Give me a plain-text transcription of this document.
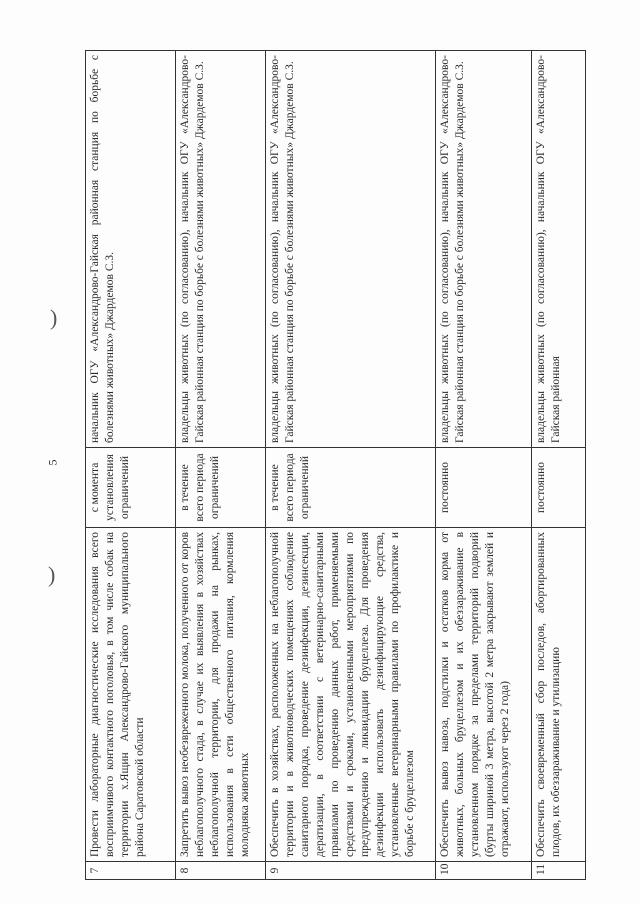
)
)
5
7	Провести лабораторные диагностические исследования всего восприимчивого контактного поголовья, в том числе собак на территории х.Ящин Александрово-Гайского муниципального района Саратовской области	с момента установления ограничений	начальник ОГУ «Александрово-Гайская районная станция по борьбе с болезнями животных» Джардемов С.З.
8	Запретить вывоз необезвреженного молока, полученного от коров неблагополучного стада, в случае их выявления в хозяйствах неблагополучной территории, для продажи на рынках, использования в сети общественного питания, кормления молодняка животных	в течение всего периода ограничений	владельцы животных (по согласованию), начальник ОГУ «Александрово-Гайская районная станция по борьбе с болезнями животных» Джардемов С.З.
9	Обеспечить в хозяйствах, расположенных на неблагополучной территории и в животноводческих помещениях соблюдение санитарного порядка, проведение дезинфекции, дезинсекции, дератизации, в соответствии с ветеринарно-санитарными правилами по проведению данных работ, применяемыми средствами и сроками, установленными мероприятиями по предупреждению и ликвидации бруцеллеза. Для проведения дезинфекции использовать дезинфицирующие средства, установленные ветеринарными правилами по профилактике и борьбе с бруцеллезом	в течение всего периода ограничений	владельцы животных (по согласованию), начальник ОГУ «Александрово-Гайская районная станция по борьбе с болезнями животных» Джардемов С.З.
10	Обеспечить вывоз навоза, подстилки и остатков корма от животных, больных бруцеллезом и их обеззараживание в установленном порядке за пределами территорий подворий (бурты шириной 3 метра, высотой 2 метра закрывают землей и отражают, используют через 2 года)	постоянно	владельцы животных (по согласованию), начальник ОГУ «Александрово-Гайская районная станция по борьбе с болезнями животных» Джардемов С.З.
11	Обеспечить своевременный сбор последов, абортированных плодов, их обеззараживание и утилизацию	постоянно	владельцы животных (по согласованию), начальник ОГУ «Александрово-Гайская районная
